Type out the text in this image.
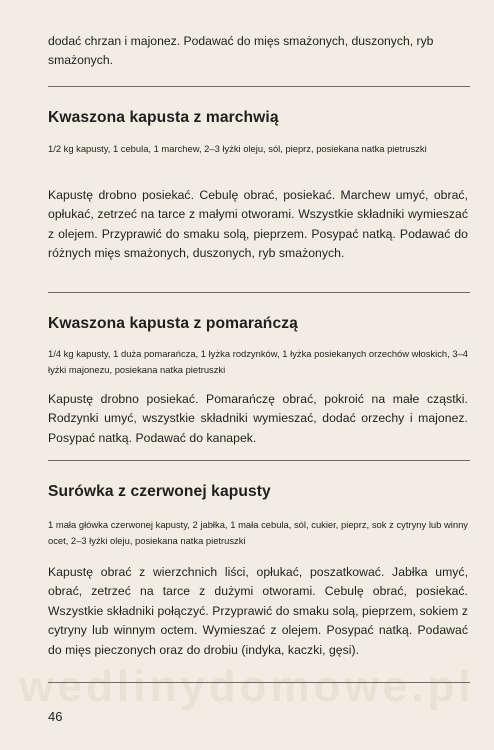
dodać chrzan i majonez. Podawać do mięs smażonych, duszonych, ryb smażonych.

Kwaszona kapusta z marchwią

1/2 kg kapusty, 1 cebula, 1 marchew, 2–3 łyżki oleju, sól, pieprz, posiekana natka pietruszki

Kapustę drobno posiekać. Cebulę obrać, posiekać. Marchew umyć, obrać, opłukać, zetrzeć na tarce z małymi otworami. Wszystkie składniki wymieszać z olejem. Przyprawić do smaku solą, pieprzem. Posypać natką. Podawać do różnych mięs smażonych, duszonych, ryb smażonych.

Kwaszona kapusta z pomarańczą

1/4 kg kapusty, 1 duża pomarańcza, 1 łyżka rodzynków, 1 łyżka posiekanych orzechów włoskich, 3–4 łyżki majonezu, posiekana natka pietruszki

Kapustę drobno posiekać. Pomarańczę obrać, pokroić na małe cząstki. Rodzynki umyć, wszystkie składniki wymieszać, dodać orzechy i majonez. Posypać natką. Podawać do kanapek.

Surówka z czerwonej kapusty

1 mała główka czerwonej kapusty, 2 jabłka, 1 mała cebula, sól, cukier, pieprz, sok z cytryny lub winny ocet, 2–3 łyżki oleju, posiekana natka pietruszki

Kapustę obrać z wierzchnich liści, opłukać, poszatkować. Jabłka umyć, obrać, zetrzeć na tarce z dużymi otworami. Cebulę obrać, posiekać. Wszystkie składniki połączyć. Przyprawić do smaku solą, pieprzem, sokiem z cytryny lub winnym octem. Wymieszać z olejem. Posypać natką. Podawać do mięs pieczonych oraz do drobiu (indyka, kaczki, gęsi).

wedlinydomowe.pl
46
